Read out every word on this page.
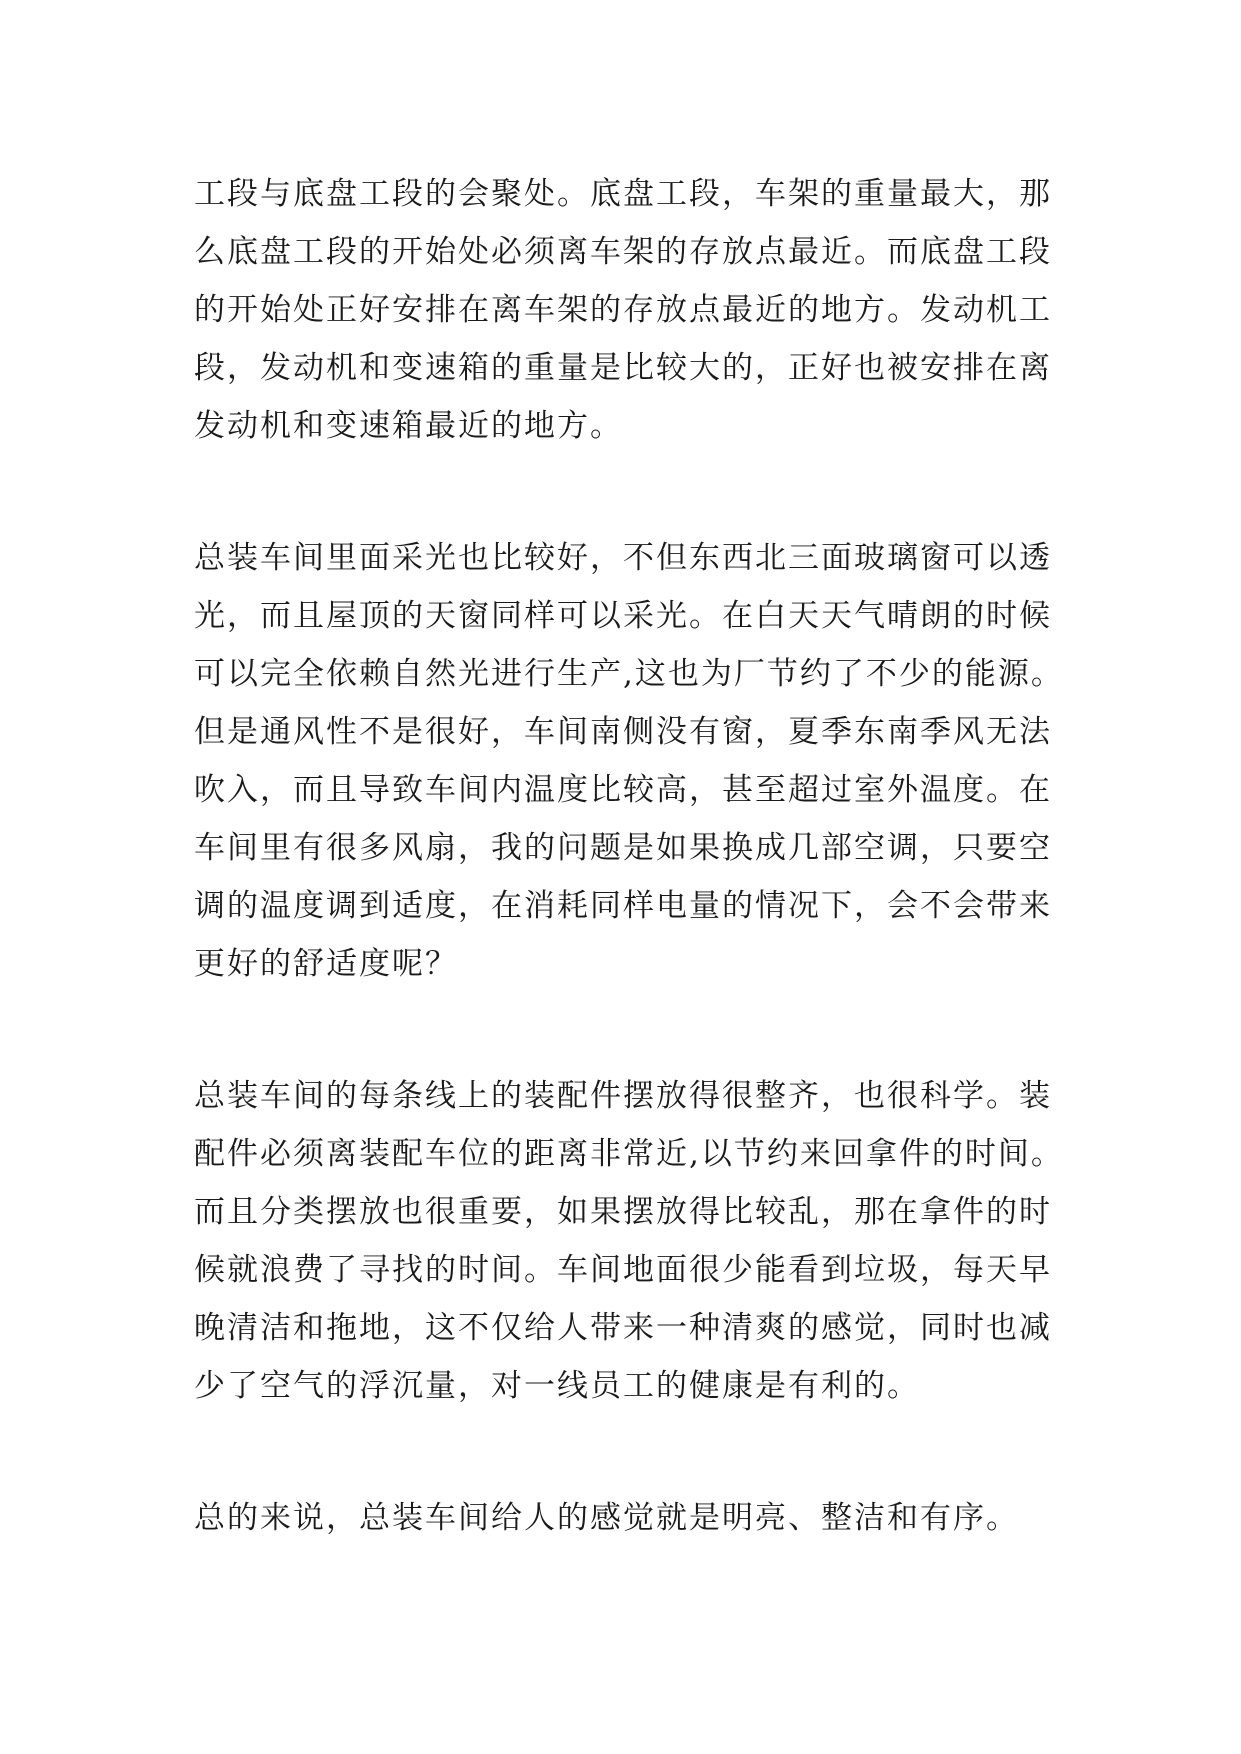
工段与底盘工段的会聚处。底盘工段，车架的重量最大，那
么底盘工段的开始处必须离车架的存放点最近。而底盘工段
的开始处正好安排在离车架的存放点最近的地方。发动机工
段，发动机和变速箱的重量是比较大的，正好也被安排在离
发动机和变速箱最近的地方。
总装车间里面采光也比较好，不但东西北三面玻璃窗可以透
光，而且屋顶的天窗同样可以采光。在白天天气晴朗的时候
可以完全依赖自然光进行生产,这也为厂节约了不少的能源。
但是通风性不是很好，车间南侧没有窗，夏季东南季风无法
吹入，而且导致车间内温度比较高，甚至超过室外温度。在
车间里有很多风扇，我的问题是如果换成几部空调，只要空
调的温度调到适度，在消耗同样电量的情况下，会不会带来
更好的舒适度呢？
总装车间的每条线上的装配件摆放得很整齐，也很科学。装
配件必须离装配车位的距离非常近,以节约来回拿件的时间。
而且分类摆放也很重要，如果摆放得比较乱，那在拿件的时
候就浪费了寻找的时间。车间地面很少能看到垃圾，每天早
晚清洁和拖地，这不仅给人带来一种清爽的感觉，同时也减
少了空气的浮沉量，对一线员工的健康是有利的。
总的来说，总装车间给人的感觉就是明亮、整洁和有序。
